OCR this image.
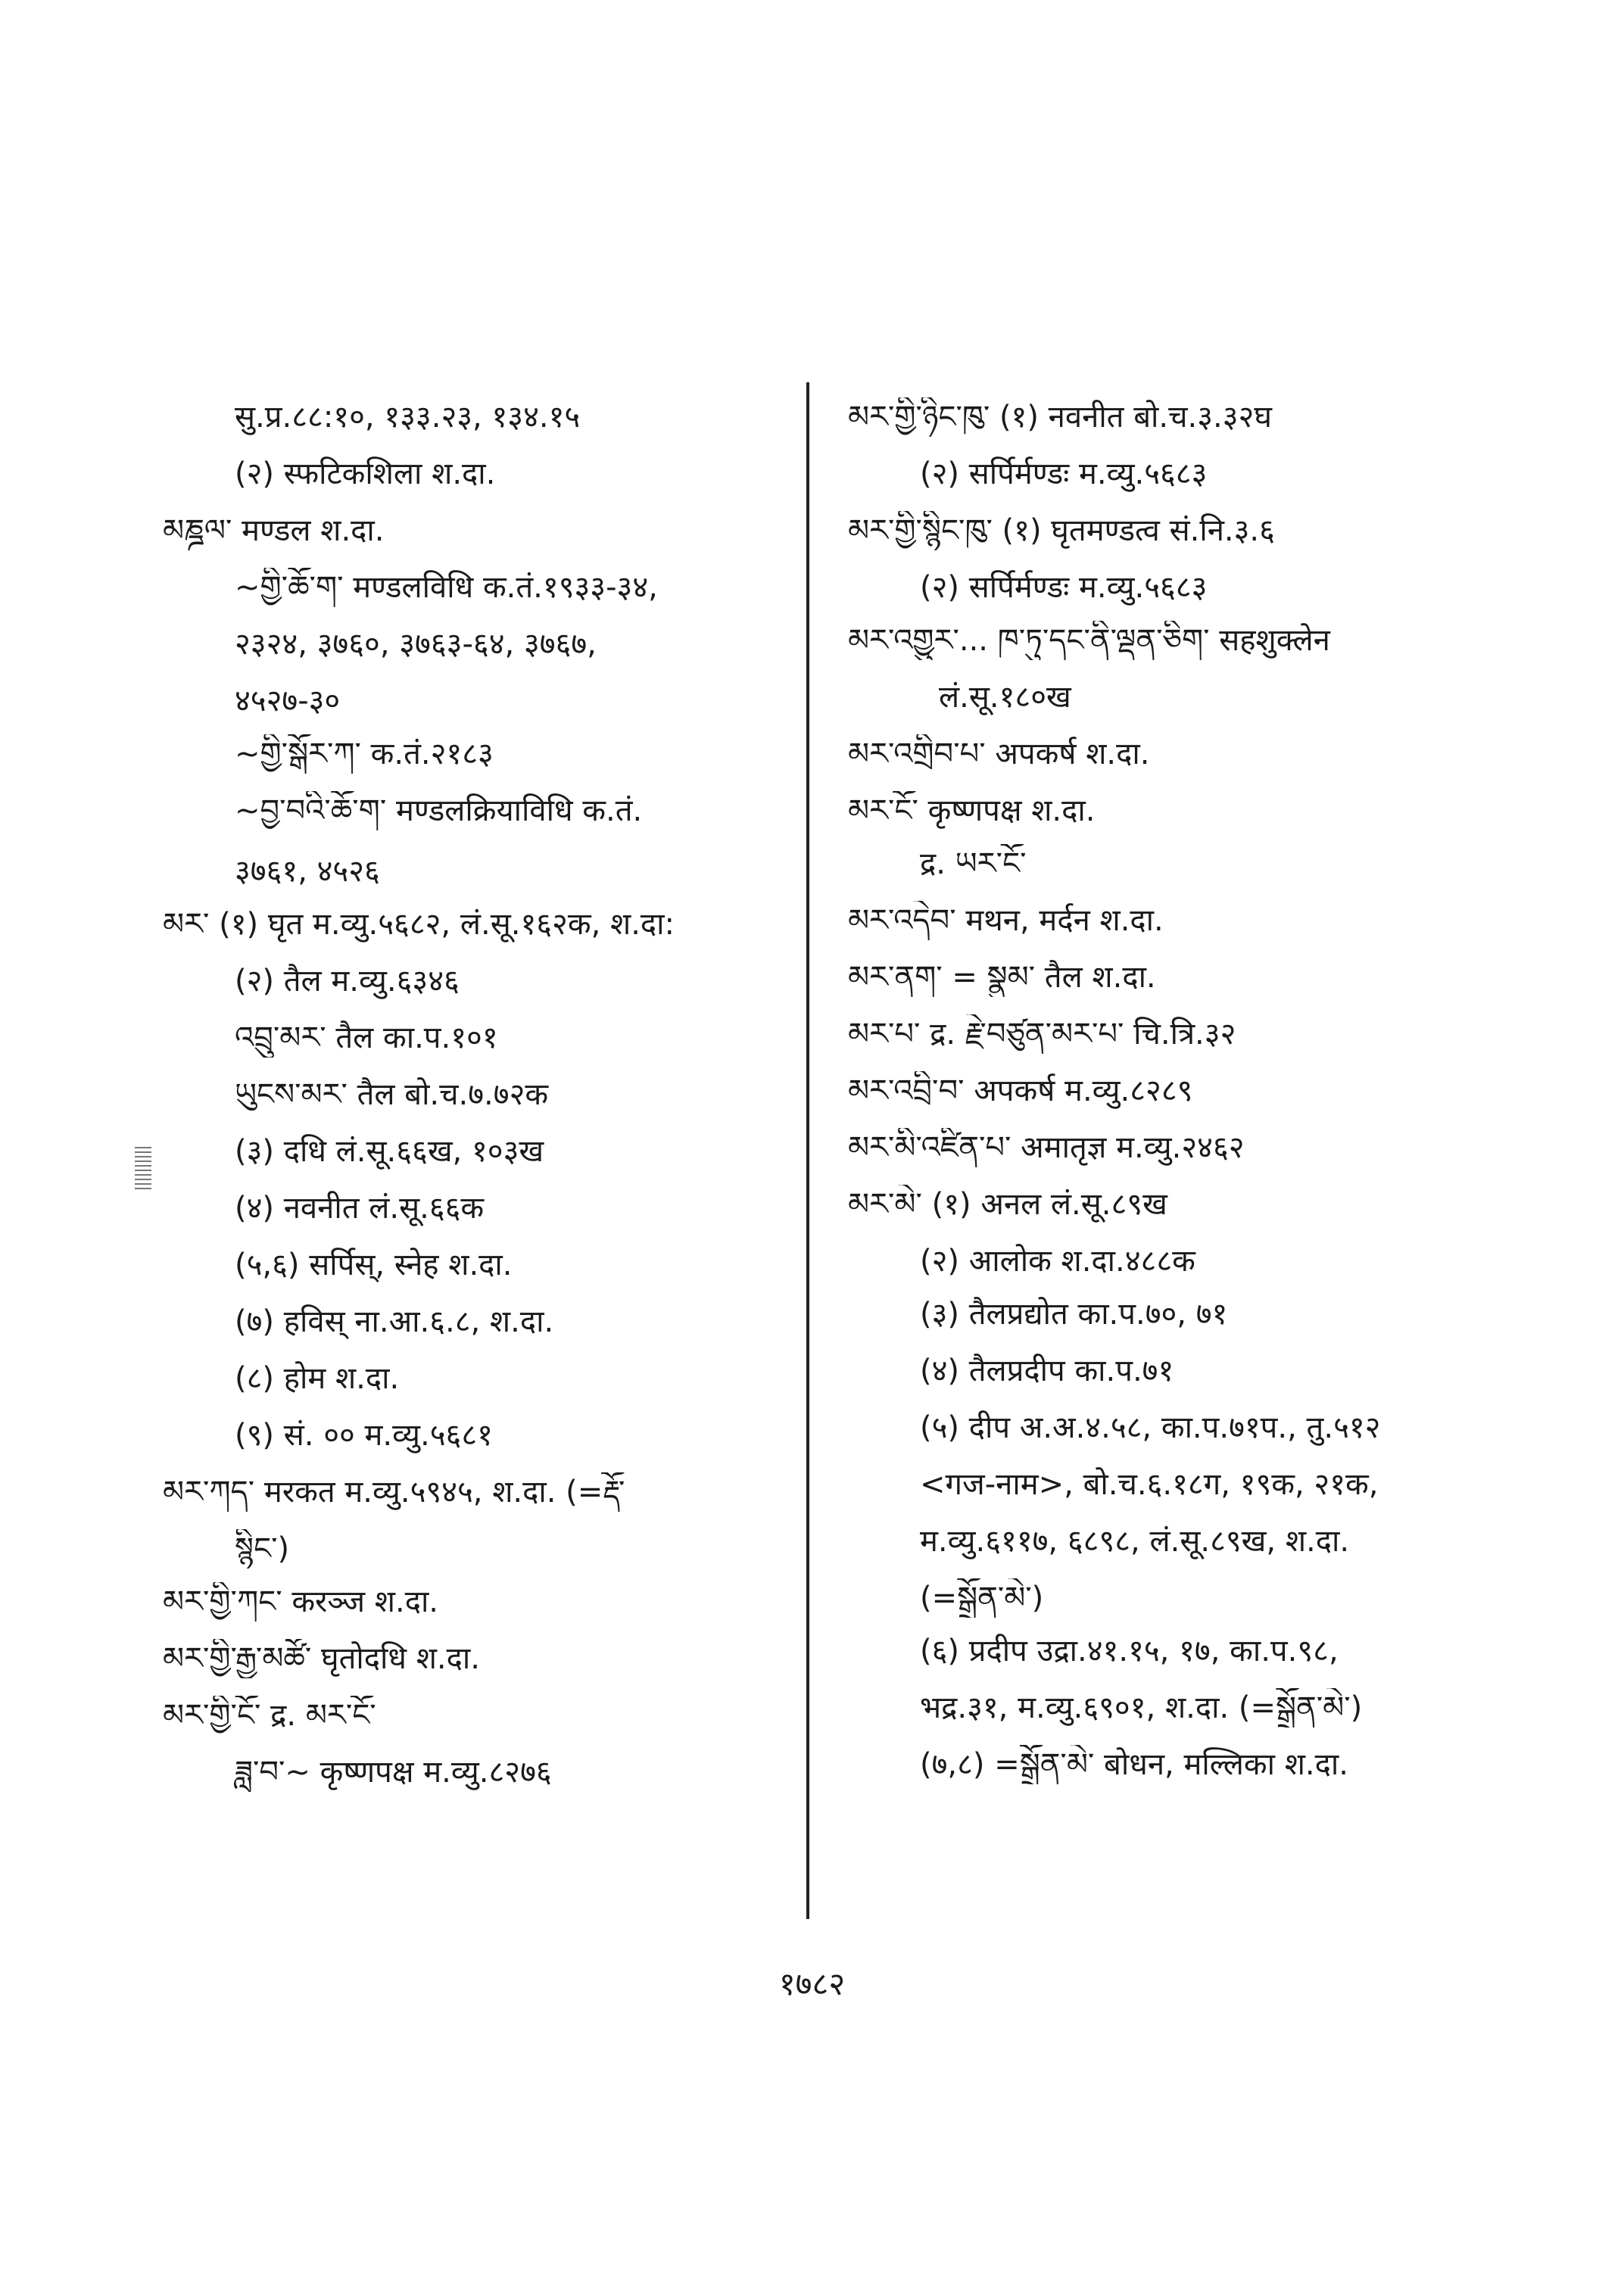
सु.प्र.८८:१०, १३३.२३, १३४.१५
(२) स्फटिकशिला श.दा.
མཎྜལ་ मण्डल श.दा.
~གྱི་ཆོ་ག་ मण्डलविधि क.तं.१९३३-३४,
२३२४, ३७६०, ३७६३-६४, ३७६७,
४५२७-३०
~གྱི་སྒོར་ཀ་ क.तं.२१८३
~བྱ་བའི་ཆོ་ག་ मण्डलक्रियाविधि क.तं.
३७६१, ४५२६
མར་ (१) घृत म.व्यु.५६८२, लं.सू.१६२क, श.दा:
(२) तैल म.व्यु.६३४६
འབྲུ་མར་ तैल का.प.१०१
ཡུངས་མར་ तैल बो.च.७.७२क
(३) दधि लं.सू.६६ख, १०३ख
(४) नवनीत लं.सू.६६क
(५,६) सर्पिस्, स्नेह श.दा.
(७) हविस् ना.आ.६.८, श.दा.
(८) होम श.दा.
(९) सं. ०० म.व्यु.५६८१
མར་ཀད་ मरकत म.व्यु.५९४५, श.दा. (=རྡོ་
སྙིང་)
མར་གྱི་ཀང་ करञ्ज श.दा.
མར་གྱི་རྒྱ་མཚོ་ घृतोदधि श.दा.
མར་གྱི་ངོ་ द्र. མར་ངོ་
ཟླ་བ་~ कृष्णपक्ष म.व्यु.८२७६
མར་གྱི་ཉིང་ཁུ་ (१) नवनीत बो.च.३.३२घ
(२) सर्पिर्मण्डः म.व्यु.५६८३
མར་གྱི་སྙིང་ཁུ་ (१) घृतमण्डत्व सं.नि.३.६
(२) सर्पिर्मण्डः म.व्यु.५६८३
མར་འགྱུར་... ཁ་ཏུ་དང་ནི་ལྡན་ཅིག་ सहशुक्लेन
लं.सू.१८०ख
མར་འགྲིབ་པ་ अपकर्ष श.दा.
མར་ངོ་ कृष्णपक्ष श.दा.
द्र. ཡར་ངོ་
མར་འདེབ་ मथन, मर्दन श.दा.
མར་ནག་ = སྣུམ་ तैल श.दा.
མར་པ་ द्र. རྗེ་བཙུན་མར་པ་ चि.त्रि.३२
མར་འབྲི་བ་ अपकर्ष म.व्यु.८२८९
མར་མི་འཛིན་པ་ अमातृज्ञ म.व्यु.२४६२
མར་མེ་ (१) अनल लं.सू.८९ख
(२) आलोक श.दा.४८८क
(३) तैलप्रद्योत का.प.७०, ७१
(४) तैलप्रदीप का.प.७१
(५) दीप अ.अ.४.५८, का.प.७१प., तु.५१२
<गज-नाम>, बो.च.६.१८ग, १९क, २१क,
म.व्यु.६११७, ६८९८, लं.सू.८९ख, श.दा.
(=སྒྲོན་མེ་)
(६) प्रदीप उद्रा.४१.१५, १७, का.प.९८,
भद्र.३१, म.व्यु.६९०१, श.दा. (=སྒྲོན་མེ་)
(७,८) =སྒྲོན་མེ་ बोधन, मल्लिका श.दा.
१७८२
